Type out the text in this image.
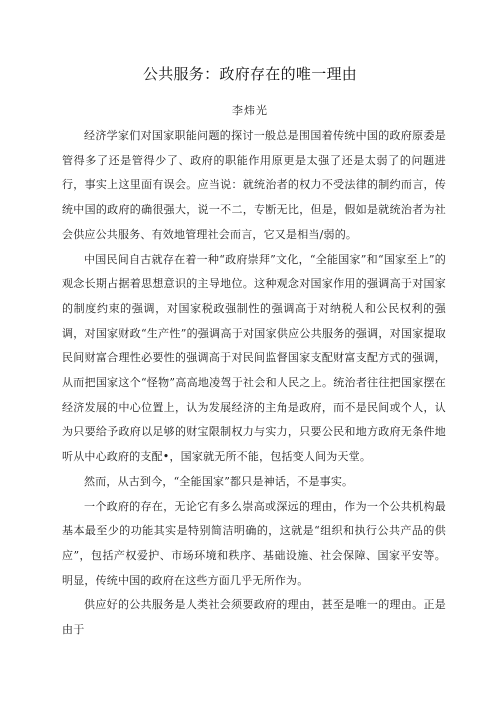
公共服务：政府存在的唯一理由
李炜光

经济学家们对国家职能问题的探讨一般总是围国着传统中国的政府原委是管得多了还是管得少了、政府的职能作用原更是太强了还是太弱了的问题进行，事实上这里面有误会。应当说：就统治者的权力不受法律的制约而言，传统中国的政府的确很强大，说一不二，专断无比，但是，假如是就统治者为社会供应公共服务、有效地管理社会而言，它又是相当/弱的。

中国民间自古就存在着一种“政府崇拜”文化，“全能国家”和“国家至上”的观念长期占据着思想意识的主导地位。这种观念对国家作用的强调高于对国家的制度约束的强调，对国家税政强制性的强调高于对纳税人和公民权利的强调，对国家财政“生产性”的强调高于对国家供应公共服务的强调，对国家提取民间财富合理性必要性的强调高于对民间监督国家支配财富支配方式的强调，从而把国家这个“怪物”高高地凌驾于社会和人民之上。统治者往往把国家摆在经济发展的中心位置上，认为发展经济的主角是政府，而不是民间或个人，认为只要给予政府以足够的财宝限制权力与实力，只要公民和地方政府无条件地听从中心政府的支配•，国家就无所不能，包括变人间为天堂。

然而，从古到今，“全能国家”都只是神话，不是事实。

一个政府的存在，无论它有多么崇高或深远的理由，作为一个公共机构最基本最至少的功能其实是特别简洁明确的，这就是“组织和执行公共产品的供应”，包括产权爱护、市场环境和秩序、基础设施、社会保障、国家平安等。明显，传统中国的政府在这些方面几乎无所作为。

供应好的公共服务是人类社会须要政府的理由，甚至是唯一的理由。正是由于
